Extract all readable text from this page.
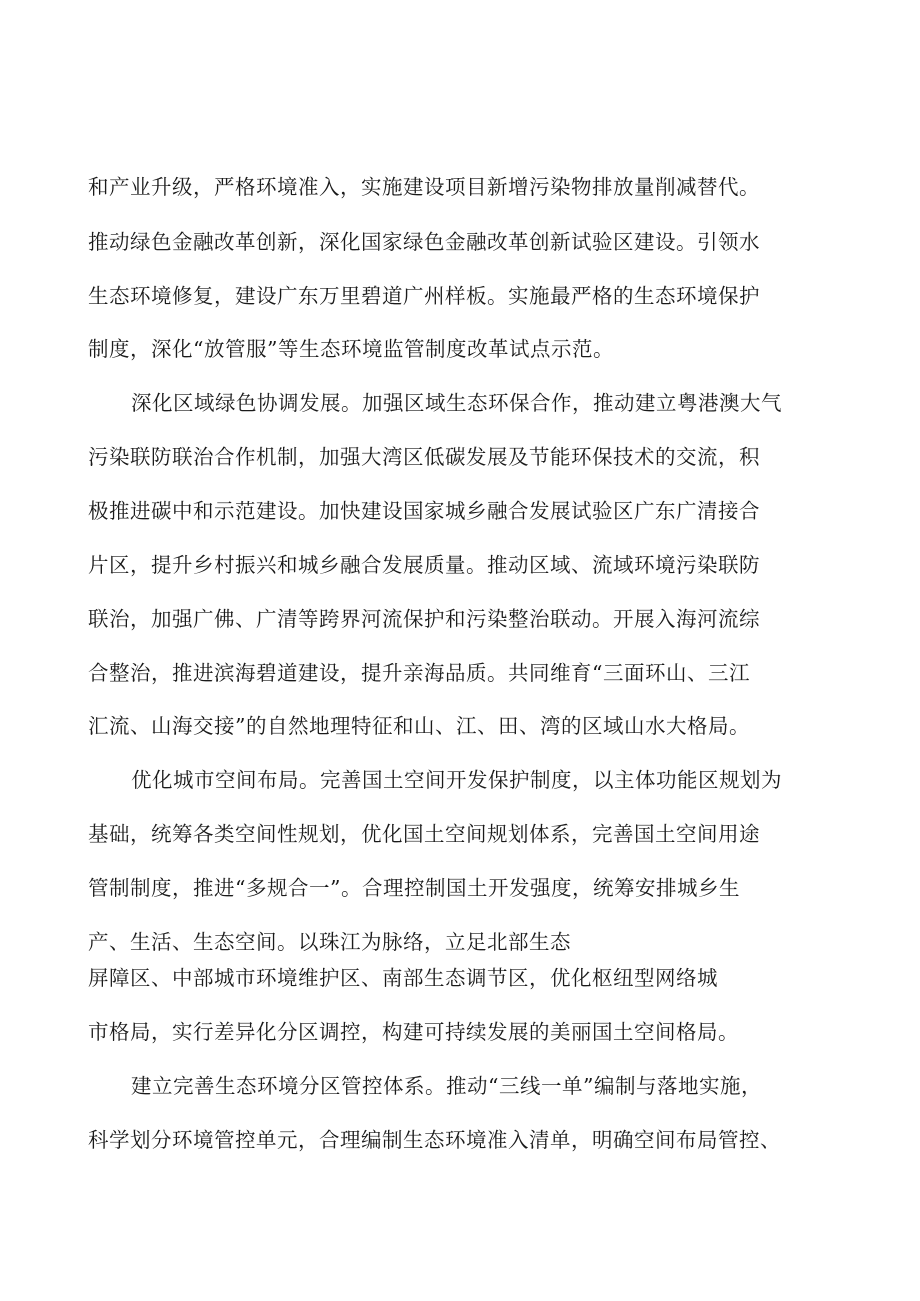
和产业升级，严格环境准入，实施建设项目新增污染物排放量削减替代。
推动绿色金融改革创新，深化国家绿色金融改革创新试验区建设。引领水
生态环境修复，建设广东万里碧道广州样板。实施最严格的生态环境保护
制度，深化“放管服”等生态环境监管制度改革试点示范。
深化区域绿色协调发展。加强区域生态环保合作，推动建立粤港澳大气
污染联防联治合作机制，加强大湾区低碳发展及节能环保技术的交流，积
极推进碳中和示范建设。加快建设国家城乡融合发展试验区广东广清接合
片区，提升乡村振兴和城乡融合发展质量。推动区域、流域环境污染联防
联治，加强广佛、广清等跨界河流保护和污染整治联动。开展入海河流综
合整治，推进滨海碧道建设，提升亲海品质。共同维育“三面环山、三江
汇流、山海交接”的自然地理特征和山、江、田、湾的区域山水大格局。
优化城市空间布局。完善国土空间开发保护制度，以主体功能区规划为
基础，统筹各类空间性规划，优化国土空间规划体系，完善国土空间用途
管制制度，推进“多规合一”。合理控制国土开发强度，统筹安排城乡生
产、生活、生态空间。以珠江为脉络，立足北部生态
屏障区、中部城市环境维护区、南部生态调节区，优化枢纽型网络城
市格局，实行差异化分区调控，构建可持续发展的美丽国土空间格局。
建立完善生态环境分区管控体系。推动“三线一单”编制与落地实施，
科学划分环境管控单元，合理编制生态环境准入清单，明确空间布局管控、
